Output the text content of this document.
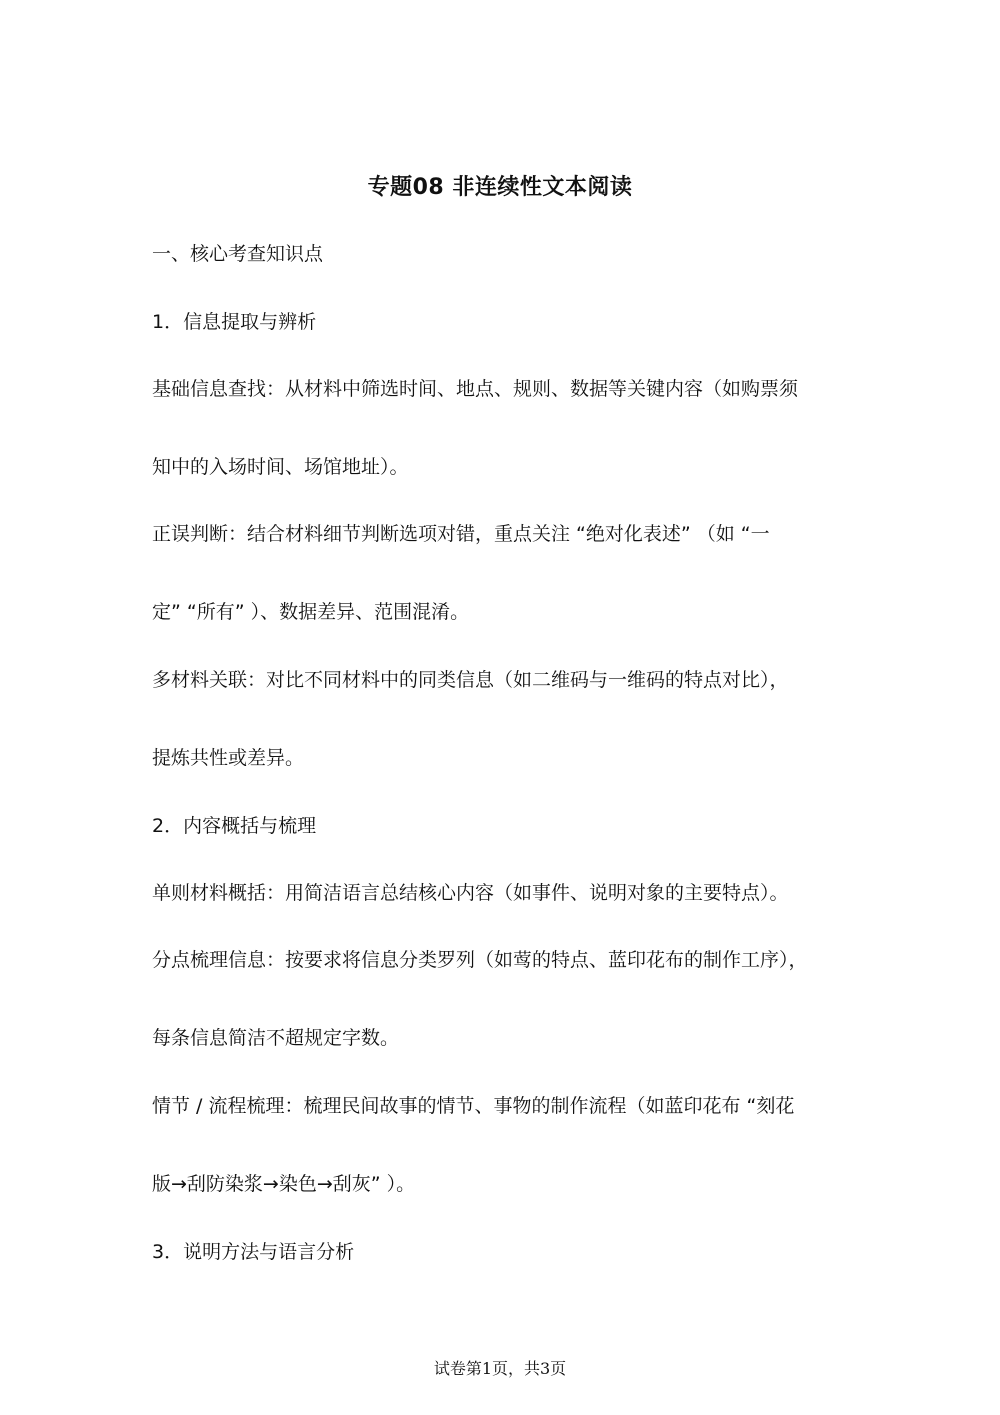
专题08 非连续性文本阅读
一、核心考查知识点
1．信息提取与辨析
基础信息查找：从材料中筛选时间、地点、规则、数据等关键内容（如购票须
知中的入场时间、场馆地址）。
正误判断：结合材料细节判断选项对错，重点关注 “绝对化表述” （如 “一
定” “所有” ）、数据差异、范围混淆。
多材料关联：对比不同材料中的同类信息（如二维码与一维码的特点对比），
提炼共性或差异。
2．内容概括与梳理
单则材料概括：用简洁语言总结核心内容（如事件、说明对象的主要特点）。
分点梳理信息：按要求将信息分类罗列（如莺的特点、蓝印花布的制作工序），
每条信息简洁不超规定字数。
情节 / 流程梳理：梳理民间故事的情节、事物的制作流程（如蓝印花布 “刻花
版→刮防染浆→染色→刮灰” ）。
3．说明方法与语言分析
试卷第1页，共3页
